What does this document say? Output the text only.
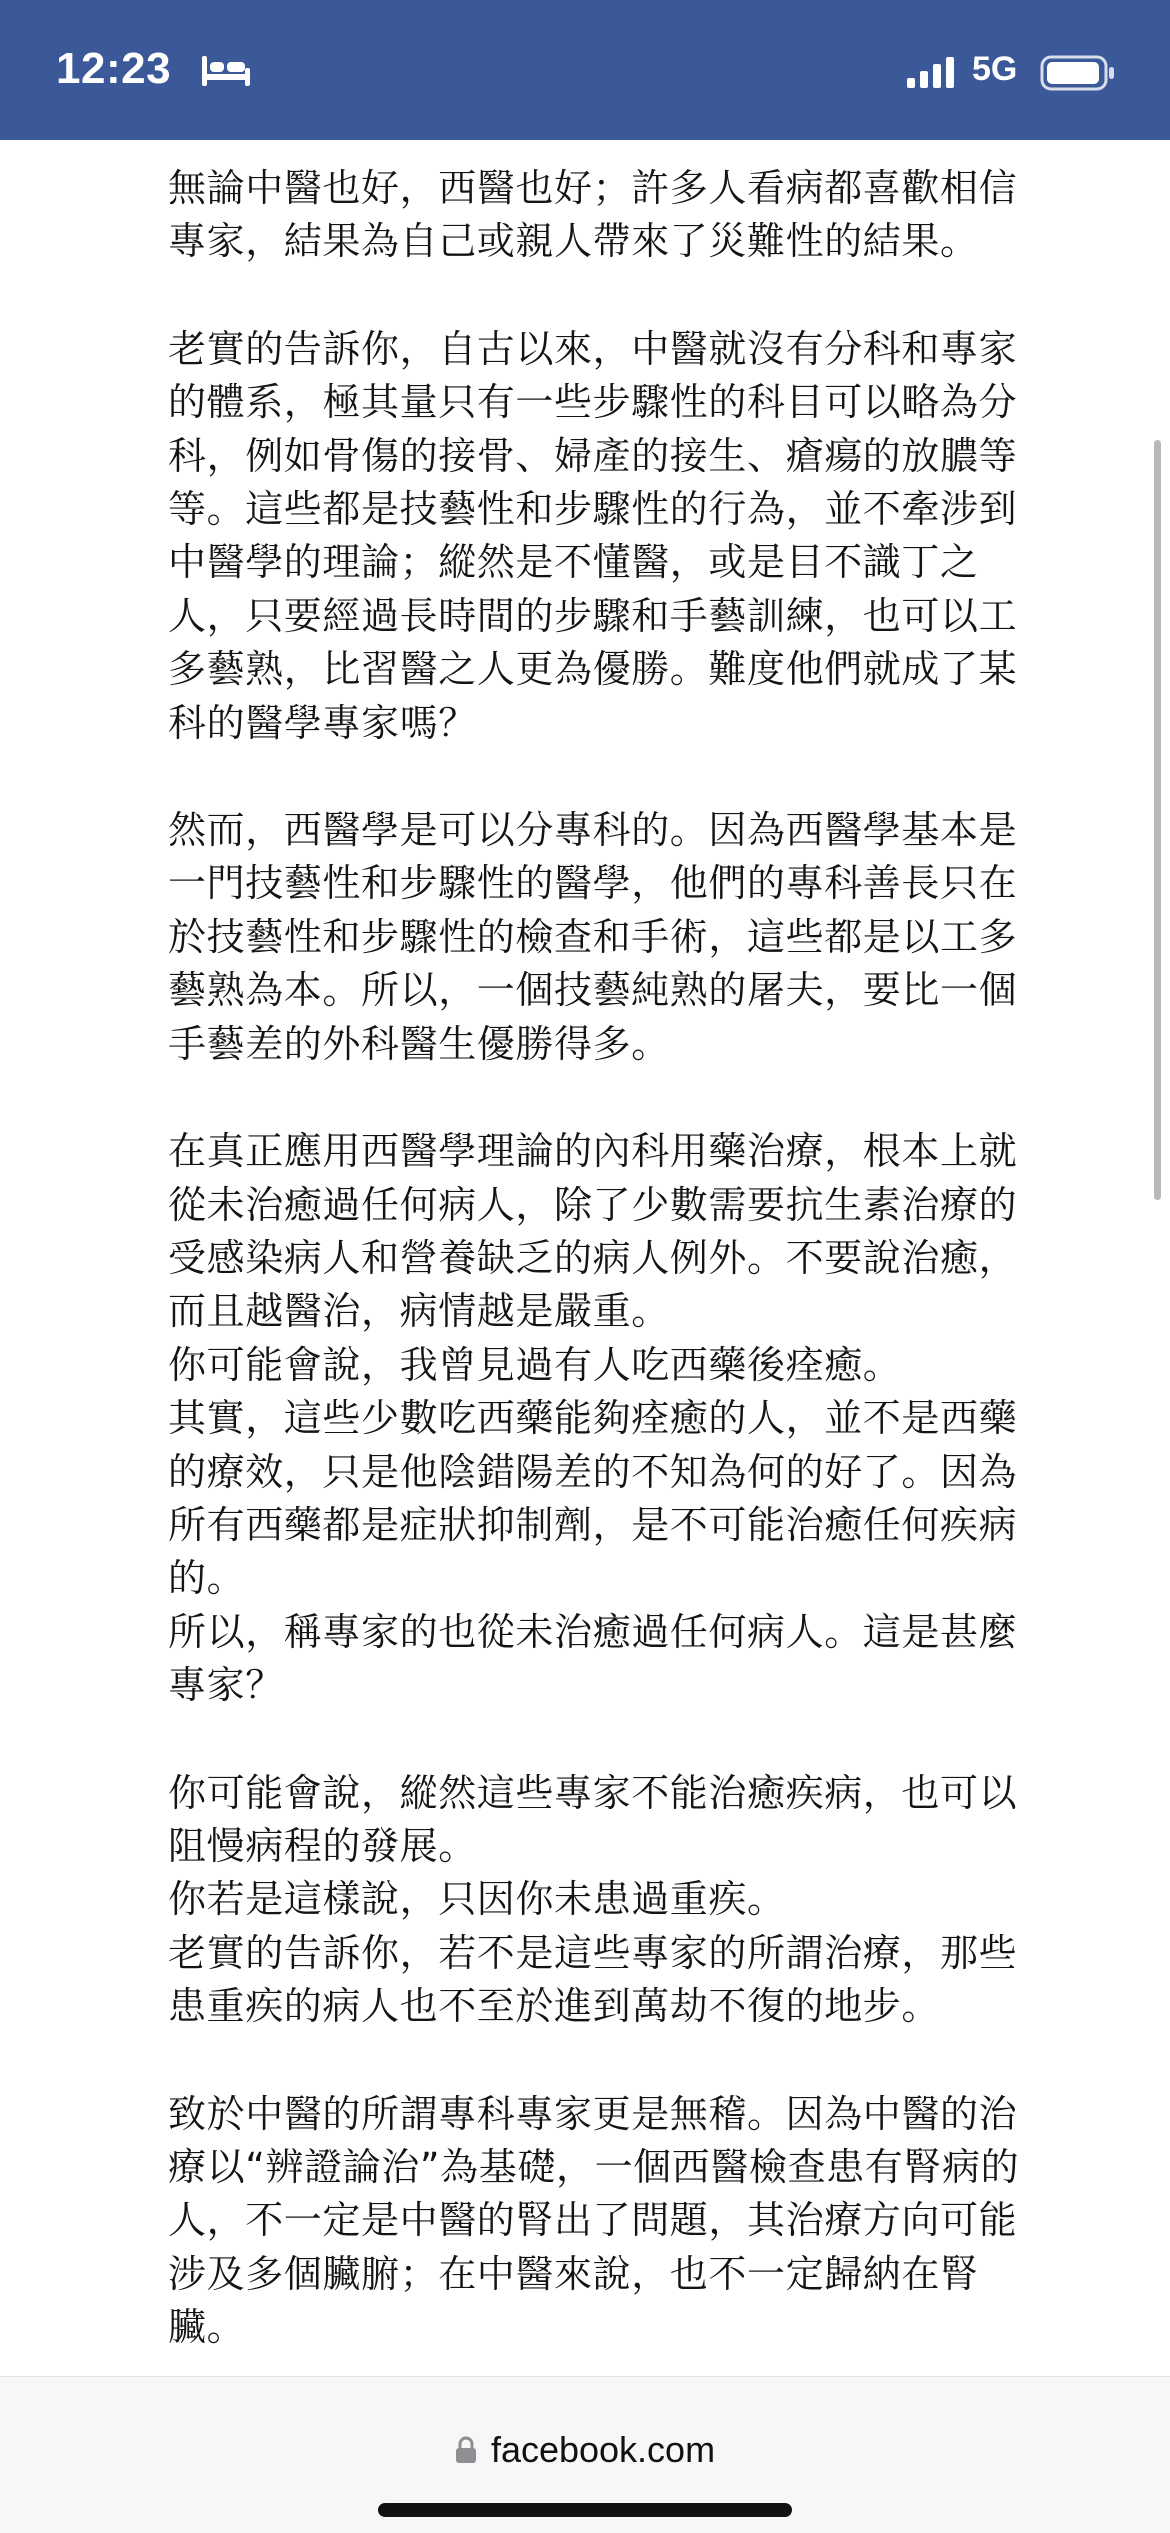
12:23	5G
無論中醫也好，西醫也好；許多人看病都喜歡相信
專家，結果為自己或親人帶來了災難性的結果。
老實的告訴你，自古以來，中醫就沒有分科和專家
的體系，極其量只有一些步驟性的科目可以略為分
科，例如骨傷的接骨、婦產的接生、瘡瘍的放膿等
等。這些都是技藝性和步驟性的行為，並不牽涉到
中醫學的理論；縱然是不懂醫，或是目不識丁之
人，只要經過長時間的步驟和手藝訓練，也可以工
多藝熟，比習醫之人更為優勝。難度他們就成了某
科的醫學專家嗎？
然而，西醫學是可以分專科的。因為西醫學基本是
一門技藝性和步驟性的醫學，他們的專科善長只在
於技藝性和步驟性的檢查和手術，這些都是以工多
藝熟為本。所以，一個技藝純熟的屠夫，要比一個
手藝差的外科醫生優勝得多。
在真正應用西醫學理論的內科用藥治療，根本上就
從未治癒過任何病人，除了少數需要抗生素治療的
受感染病人和營養缺乏的病人例外。不要說治癒，
而且越醫治，病情越是嚴重。
你可能會說，我曾見過有人吃西藥後痊癒。
其實，這些少數吃西藥能夠痊癒的人，並不是西藥
的療效，只是他陰錯陽差的不知為何的好了。因為
所有西藥都是症狀抑制劑，是不可能治癒任何疾病
的。
所以，稱專家的也從未治癒過任何病人。這是甚麼
專家？
你可能會說，縱然這些專家不能治癒疾病，也可以
阻慢病程的發展。
你若是這樣說，只因你未患過重疾。
老實的告訴你，若不是這些專家的所謂治療，那些
患重疾的病人也不至於進到萬劫不復的地步。
致於中醫的所謂專科專家更是無稽。因為中醫的治
療以“辨證論治”為基礎，一個西醫檢查患有腎病的
人，不一定是中醫的腎出了問題，其治療方向可能
涉及多個臟腑；在中醫來說，也不一定歸納在腎
臟。
facebook.com
